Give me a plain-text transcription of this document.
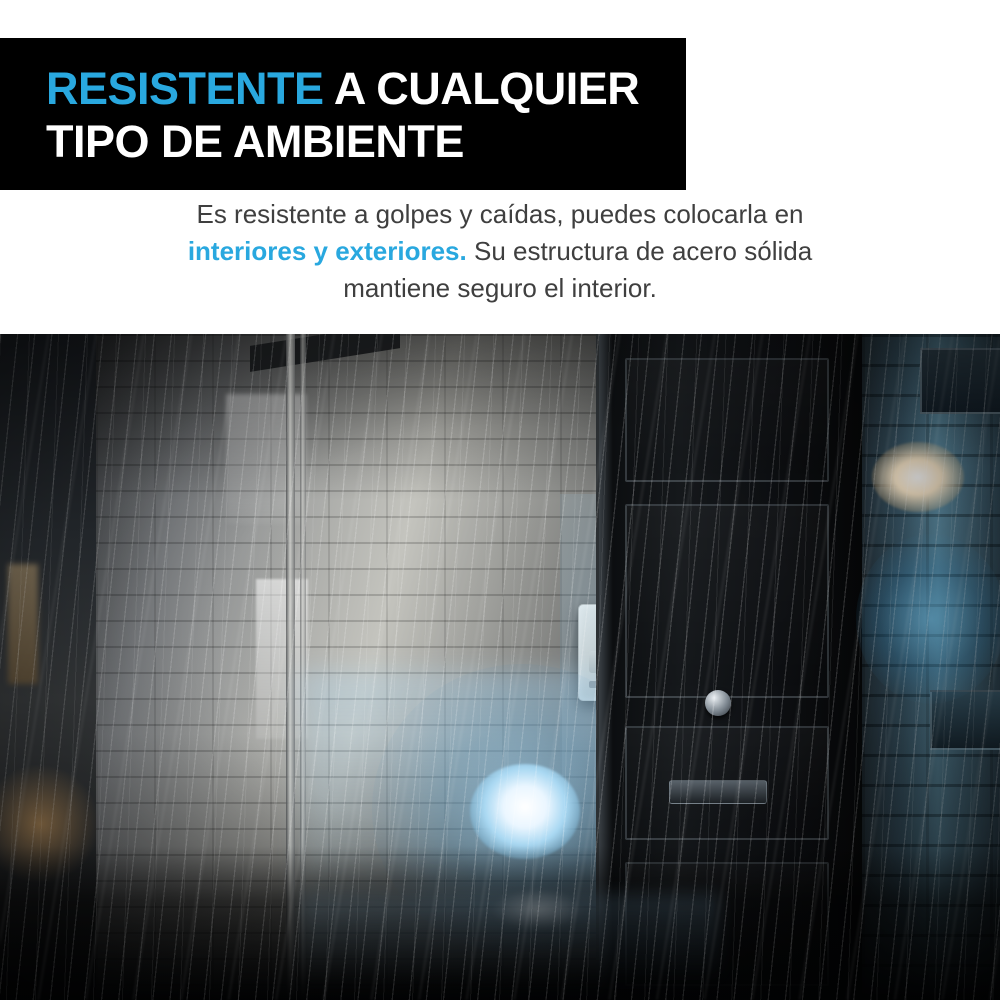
RESISTENTE A CUALQUIER
TIPO DE AMBIENTE
Es resistente a golpes y caídas, puedes colocarla en
interiores y exteriores. Su estructura de acero sólida
mantiene seguro el interior.
